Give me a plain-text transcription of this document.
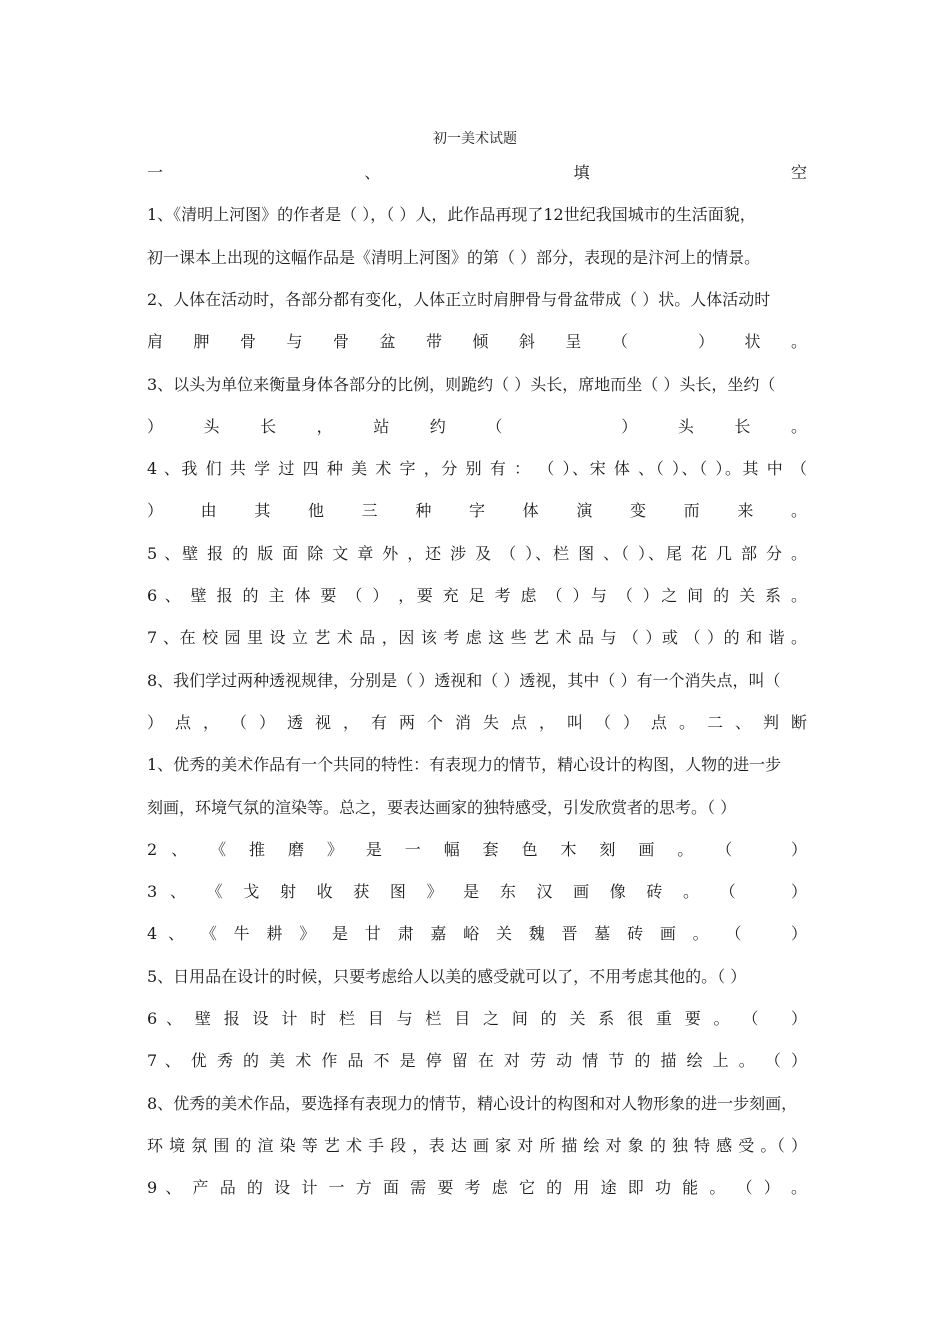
初一美术试题
一　　、　　填　　空
1、《清明上河图》的作者是（ ），（ ）人，此作品再现了12世纪我国城市的生活面貌，
初一课本上出现的这幅作品是《清明上河图》的第（ ）部分，表现的是汴河上的情景。
2、人体在活动时，各部分都有变化，人体正立时肩胛骨与骨盆带成（ ）状。人体活动时
肩 胛 骨 与 骨 盆 带 倾 斜 呈 （　　） 状 。
3、以头为单位来衡量身体各部分的比例，则跪约（ ）头长，席地而坐（ ）头长，坐约（
） 头 长 ， 站 约 （　　　） 头 长 。
4 、我 们 共 学 过 四 种 美 术 字 ，分 别 有 ： （ ）、宋 体 、（ ）、（ ）。其 中 （
） 由 其 他 三 种 字 体 演 变 而 来 。
5 、壁 报 的 版 面 除 文 章 外 ，还 涉 及 （ ）、栏 图 、（ ）、尾 花 几 部 分 。
6 、 壁 报 的 主 体 要 （ ） ，要 充 足 考 虑 （ ）与 （ ）之 间 的 关 系 。
7 、在 校 园 里 设 立 艺 术 品 ，因 该 考 虑 这 些 艺 术 品 与 （ ）或 （ ）的 和 谐 。
8、我们学过两种透视规律，分别是（ ）透视和（ ）透视，其中（ ）有一个消失点，叫（
） 点 ， （ ） 透 视 ， 有 两 个 消 失 点 ， 叫 （ ） 点 。 二 、 判 断
1、优秀的美术作品有一个共同的特性：有表现力的情节，精心设计的构图，人物的进一步
刻画，环境气氛的渲染等。总之，要表达画家的独特感受，引发欣赏者的思考。（ ）
2 、 《 推 磨 》 是 一 幅 套 色 木 刻 画 。 （　　）
3 、 《 戈 射 收 获 图 》 是 东 汉 画 像 砖 。 （　　）
4 、 《 牛 耕 》 是 甘 肃 嘉 峪 关 魏 晋 墓 砖 画 。 （　　）
5、日用品在设计的时候，只要考虑给人以美的感受就可以了，不用考虑其他的。（ ）
6 、 壁 报 设 计 时 栏 目 与 栏 目 之 间 的 关 系 很 重 要 。 （　 ）
7 、 优 秀 的 美 术 作 品 不 是 停 留 在 对 劳 动 情 节 的 描 绘 上 。 （ ）
8、优秀的美术作品，要选择有表现力的情节，精心设计的构图和对人物形象的进一步刻画，
环 境 氛 围 的 渲 染 等 艺 术 手 段 ，表 达 画 家 对 所 描 绘 对 象 的 独 特 感 受 。（ ）
9 、 产 品 的 设 计 一 方 面 需 要 考 虑 它 的 用 途 即 功 能 。 （ ） 。
